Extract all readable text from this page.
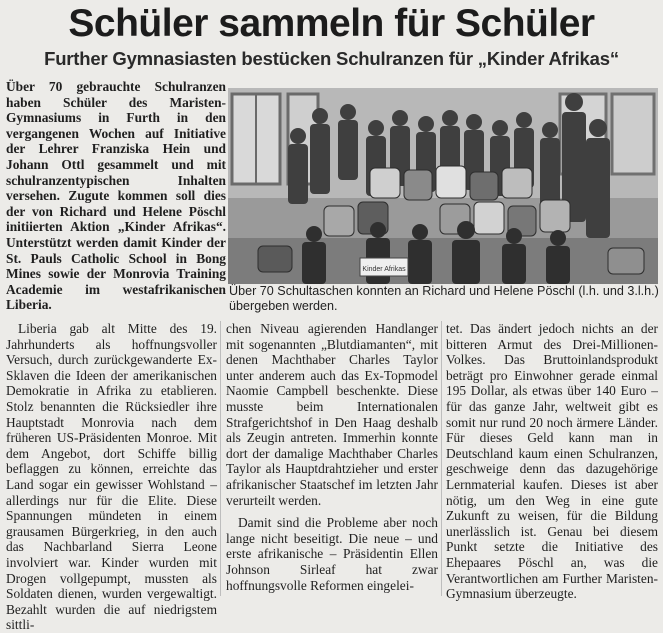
Schüler sammeln für Schüler
Further Gymnasiasten bestücken Schulranzen für „Kinder Afrikas“
Über 70 gebrauchte Schulranzen haben Schüler des Maristen-Gymnasiums in Furth in den vergangenen Wochen auf Initiative der Lehrer Franziska Hein und Johann Ottl gesammelt und mit schulranzentypischen Inhalten versehen. Zugute kommen soll dies der von Richard und Helene Pöschl initiierten Aktion „Kinder Afrikas“. Unterstützt werden damit Kinder der St. Pauls Catholic School in Bong Mines sowie der Monrovia Training Academie im westafrikanischen Liberia.
Kinder Afrikas
Über 70 Schultaschen konnten an Richard und Helene Pöschl (l.h. und 3.l.h.) übergeben werden.

Liberia gab alt Mitte des 19. Jahrhunderts als hoffnungsvoller Versuch, durch zurückgewanderte Ex-Sklaven die Ideen der amerikanischen Demokratie in Afrika zu etablieren. Stolz benannten die Rücksiedler ihre Hauptstadt Monrovia nach dem früheren US-Präsidenten Monroe. Mit dem Angebot, dort Schiffe billig beflaggen zu können, erreichte das Land sogar ein gewisser Wohlstand – allerdings nur für die Elite. Diese Spannungen mündeten in einem grausamen Bürgerkrieg, in den auch das Nachbarland Sierra Leone involviert war. Kinder wurden mit Drogen vollgepumpt, mussten als Soldaten dienen, wurden vergewaltigt. Bezahlt wurden die auf niedrigstem sittli-

chen Niveau agierenden Handlanger mit sogenannten „Blutdiamanten“, mit denen Machthaber Charles Taylor unter anderem auch das Ex-Topmodel Naomie Campbell beschenkte. Diese musste beim Internationalen Strafgerichtshof in Den Haag deshalb als Zeugin antreten. Immerhin konnte dort der damalige Machthaber Charles Taylor als Hauptdrahtzieher und erster afrikanischer Staatschef im letzten Jahr verurteilt werden.

Damit sind die Probleme aber noch lange nicht beseitigt. Die neue – und erste afrikanische – Präsidentin Ellen Johnson Sirleaf hat zwar hoffnungsvolle Reformen eingelei-

tet. Das ändert jedoch nichts an der bitteren Armut des Drei-Millionen-Volkes. Das Bruttoinlandsprodukt beträgt pro Einwohner gerade einmal 195 Dollar, als etwas über 140 Euro – für das ganze Jahr, weltweit gibt es somit nur rund 20 noch ärmere Länder. Für dieses Geld kann man in Deutschland kaum einen Schulranzen, geschweige denn das dazugehörige Lernmaterial kaufen. Dieses ist aber nötig, um den Weg in eine gute Zukunft zu weisen, für die Bildung unerlässlich ist. Genau bei diesem Punkt setzte die Initiative des Ehepaares Pöschl an, was die Verantwortlichen am Further Maristen-Gymnasium überzeugte.
